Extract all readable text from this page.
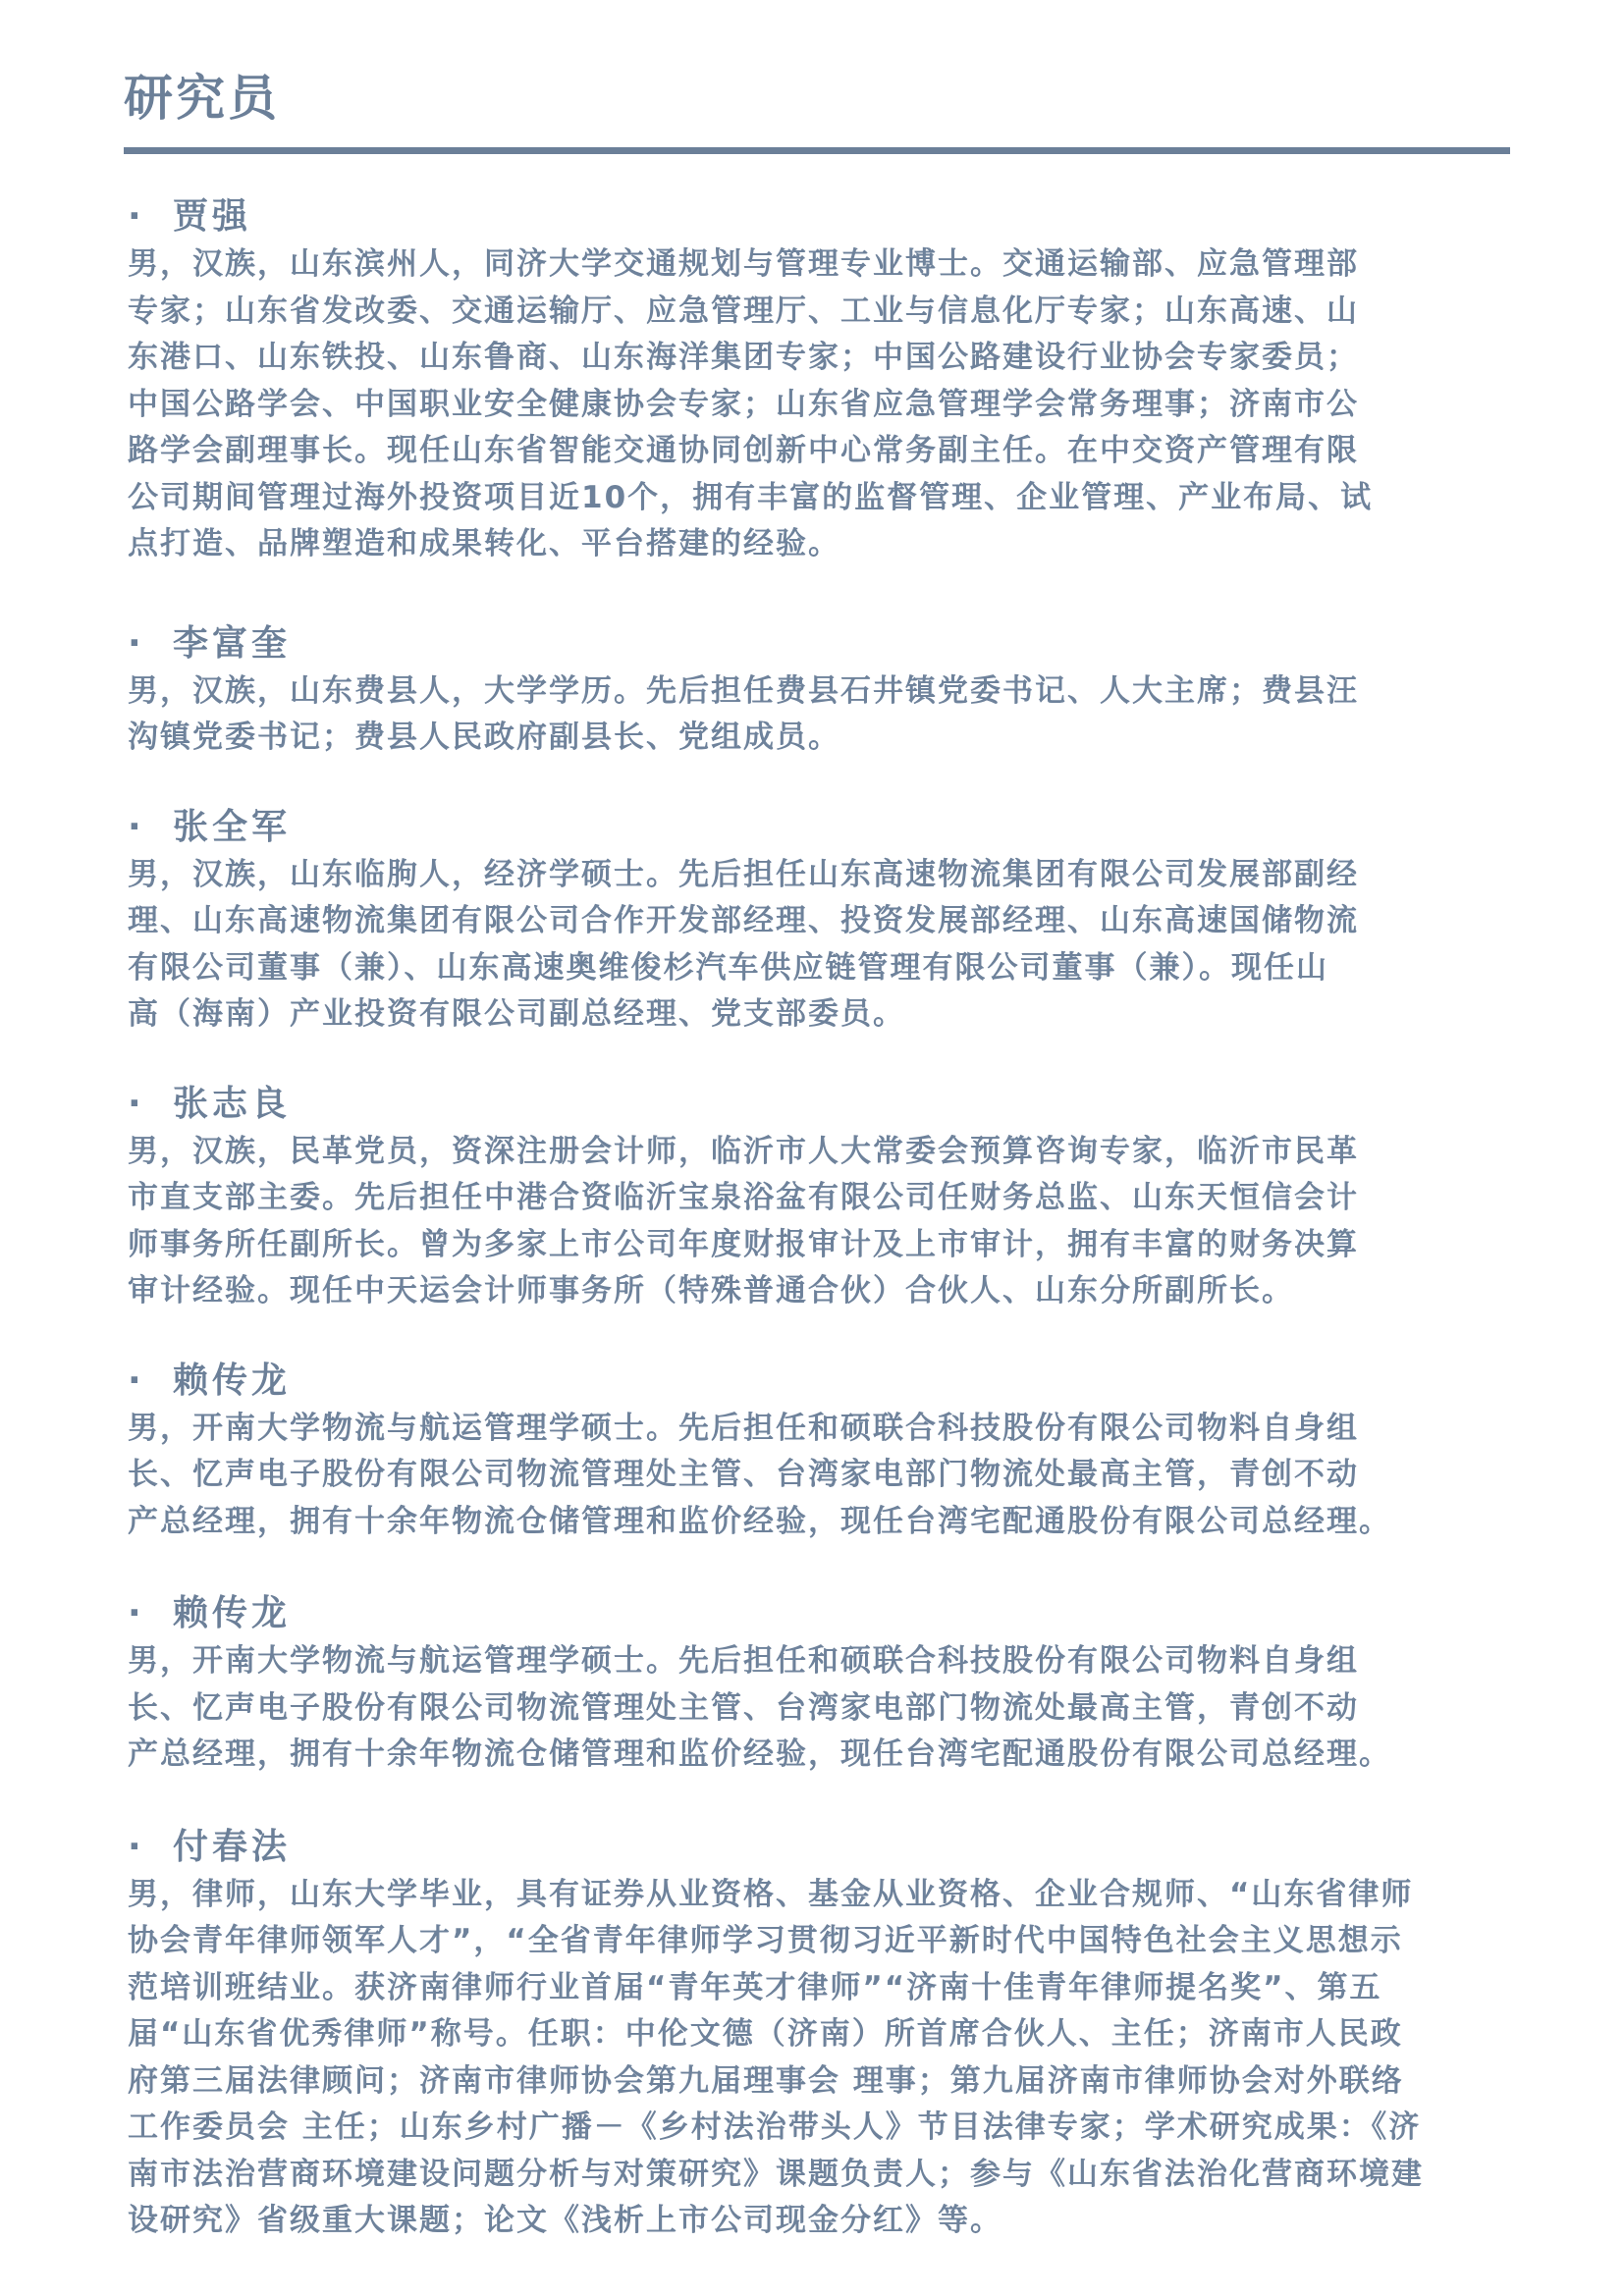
研究员
· 贾强
男，汉族，山东滨州人，同济大学交通规划与管理专业博士。交通运输部、应急管理部
专家；山东省发改委、交通运输厅、应急管理厅、工业与信息化厅专家；山东高速、山
东港口、山东铁投、山东鲁商、山东海洋集团专家；中国公路建设行业协会专家委员；
中国公路学会、中国职业安全健康协会专家；山东省应急管理学会常务理事；济南市公
路学会副理事长。现任山东省智能交通协同创新中心常务副主任。在中交资产管理有限
公司期间管理过海外投资项目近10个，拥有丰富的监督管理、企业管理、产业布局、试
点打造、品牌塑造和成果转化、平台搭建的经验。
· 李富奎
男，汉族，山东费县人，大学学历。先后担任费县石井镇党委书记、人大主席；费县汪
沟镇党委书记；费县人民政府副县长、党组成员。
· 张全军
男，汉族，山东临朐人，经济学硕士。先后担任山东高速物流集团有限公司发展部副经
理、山东高速物流集团有限公司合作开发部经理、投资发展部经理、山东高速国储物流
有限公司董事（兼）、山东高速奥维俊杉汽车供应链管理有限公司董事（兼）。现任山
高（海南）产业投资有限公司副总经理、党支部委员。
· 张志良
男，汉族，民革党员，资深注册会计师，临沂市人大常委会预算咨询专家，临沂市民革
市直支部主委。先后担任中港合资临沂宝泉浴盆有限公司任财务总监、山东天恒信会计
师事务所任副所长。曾为多家上市公司年度财报审计及上市审计，拥有丰富的财务决算
审计经验。现任中天运会计师事务所（特殊普通合伙）合伙人、山东分所副所长。
· 赖传龙
男，开南大学物流与航运管理学硕士。先后担任和硕联合科技股份有限公司物料自身组
长、忆声电子股份有限公司物流管理处主管、台湾家电部门物流处最高主管，青创不动
产总经理，拥有十余年物流仓储管理和监价经验，现任台湾宅配通股份有限公司总经理。
· 赖传龙
男，开南大学物流与航运管理学硕士。先后担任和硕联合科技股份有限公司物料自身组
长、忆声电子股份有限公司物流管理处主管、台湾家电部门物流处最高主管，青创不动
产总经理，拥有十余年物流仓储管理和监价经验，现任台湾宅配通股份有限公司总经理。
· 付春法
男，律师，山东大学毕业，具有证券从业资格、基金从业资格、企业合规师、“山东省律师
协会青年律师领军人才”，“全省青年律师学习贯彻习近平新时代中国特色社会主义思想示
范培训班结业。获济南律师行业首届“青年英才律师”“济南十佳青年律师提名奖”、第五
届“山东省优秀律师”称号。任职：中伦文德（济南）所首席合伙人、主任；济南市人民政
府第三届法律顾问；济南市律师协会第九届理事会 理事；第九届济南市律师协会对外联络
工作委员会 主任；山东乡村广播－《乡村法治带头人》节目法律专家；学术研究成果：《济
南市法治营商环境建设问题分析与对策研究》课题负责人；参与《山东省法治化营商环境建
设研究》省级重大课题；论文《浅析上市公司现金分红》等。
